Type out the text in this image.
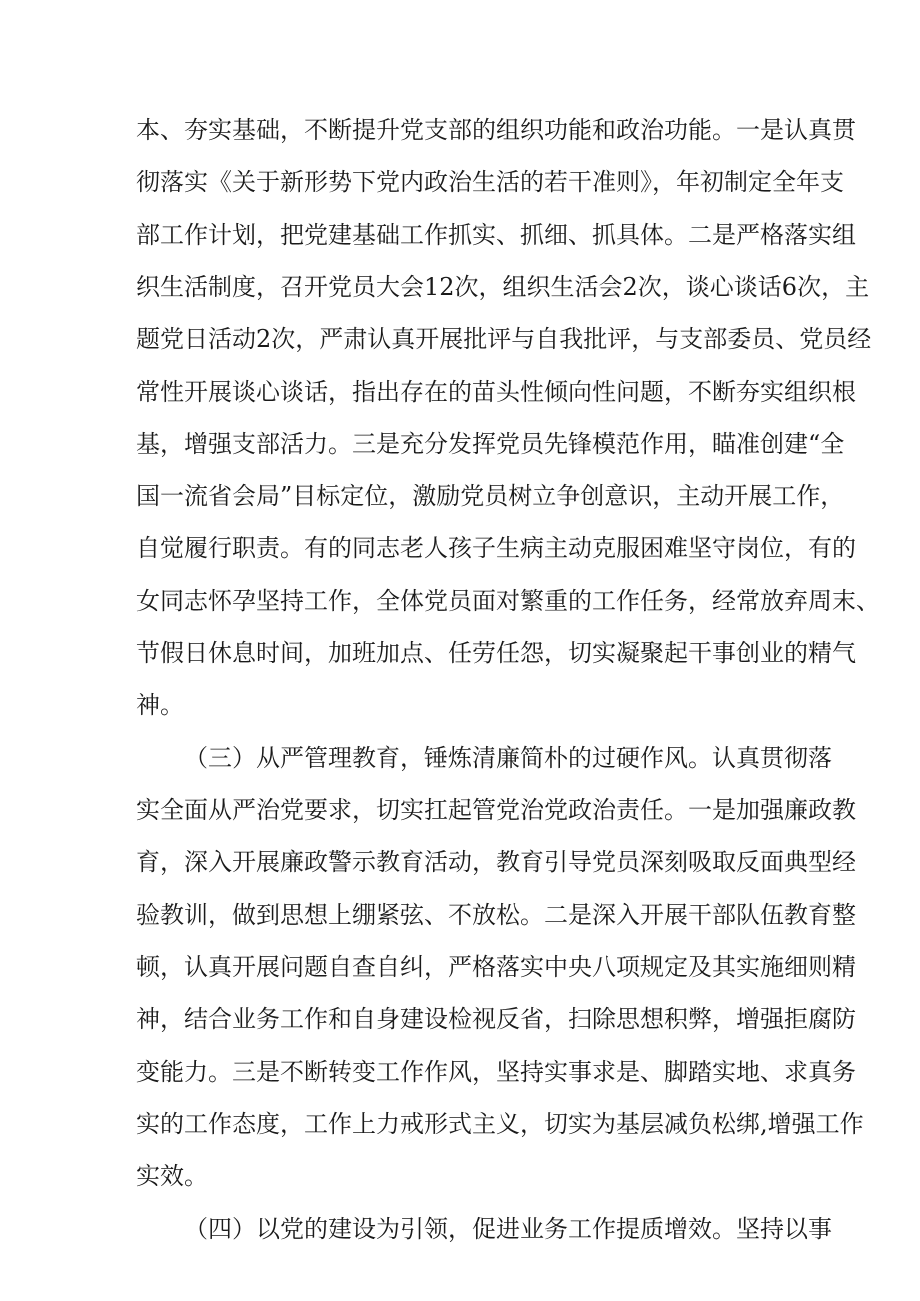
本、夯实基础，不断提升党支部的组织功能和政治功能。一是认真贯
彻落实《关于新形势下党内政治生活的若干准则》，年初制定全年支
部工作计划，把党建基础工作抓实、抓细、抓具体。二是严格落实组
织生活制度，召开党员大会12次，组织生活会2次，谈心谈话6次，主
题党日活动2次，严肃认真开展批评与自我批评，与支部委员、党员经
常性开展谈心谈话，指出存在的苗头性倾向性问题，不断夯实组织根
基，增强支部活力。三是充分发挥党员先锋模范作用，瞄准创建“全
国一流省会局”目标定位，激励党员树立争创意识，主动开展工作，
自觉履行职责。有的同志老人孩子生病主动克服困难坚守岗位，有的
女同志怀孕坚持工作，全体党员面对繁重的工作任务，经常放弃周末、
节假日休息时间，加班加点、任劳任怨，切实凝聚起干事创业的精气
神。
（三）从严管理教育，锤炼清廉简朴的过硬作风。认真贯彻落
实全面从严治党要求，切实扛起管党治党政治责任。一是加强廉政教
育，深入开展廉政警示教育活动，教育引导党员深刻吸取反面典型经
验教训，做到思想上绷紧弦、不放松。二是深入开展干部队伍教育整
顿，认真开展问题自查自纠，严格落实中央八项规定及其实施细则精
神，结合业务工作和自身建设检视反省，扫除思想积弊，增强拒腐防
变能力。三是不断转变工作作风，坚持实事求是、脚踏实地、求真务
实的工作态度，工作上力戒形式主义，切实为基层减负松绑,增强工作
实效。
（四）以党的建设为引领，促进业务工作提质增效。坚持以事
